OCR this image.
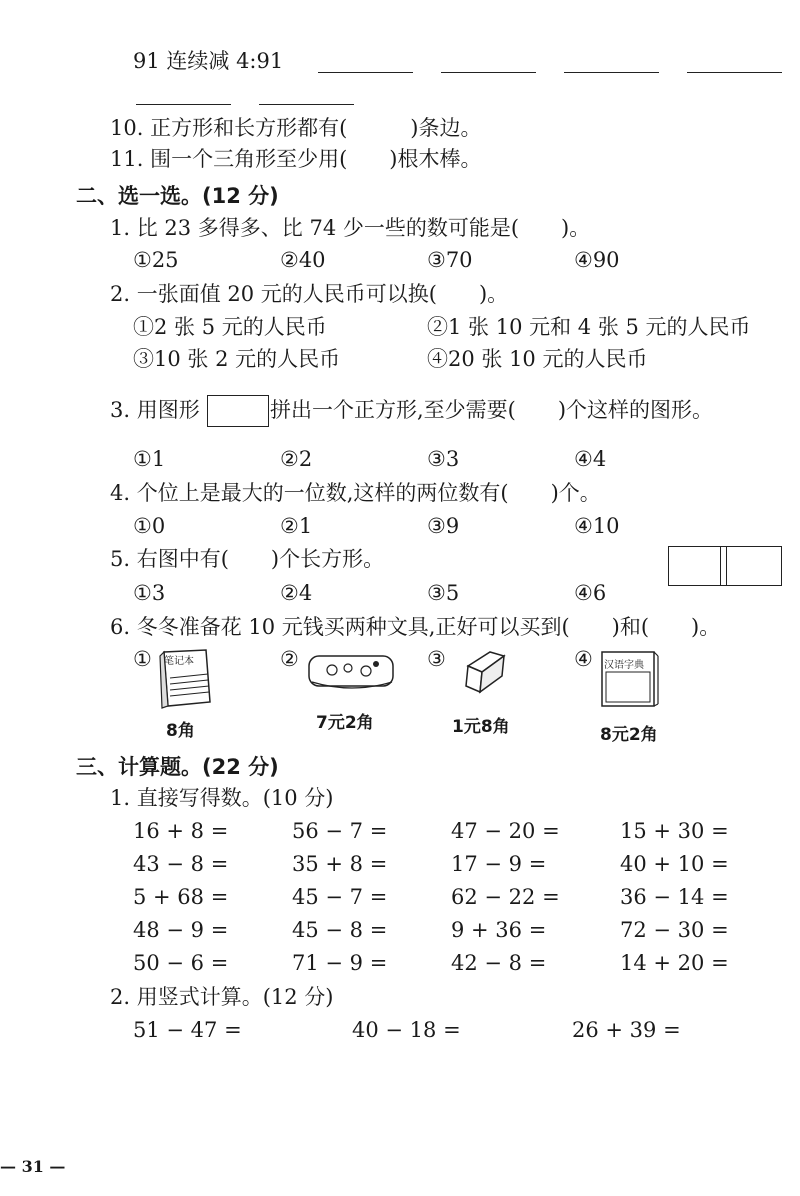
91 连续减 4:91
10. 正方形和长方形都有(　　　)条边。
11. 围一个三角形至少用(　　)根木棒。
二、选一选。(12 分)
1. 比 23 多得多、比 74 少一些的数可能是(　　)。
①25	②40	③70	④90
2. 一张面值 20 元的人民币可以换(　　)。
①2 张 5 元的人民币	②1 张 10 元和 4 张 5 元的人民币
③10 张 2 元的人民币	④20 张 10 元的人民币
3. 用图形	拼出一个正方形,至少需要(　　)个这样的图形。
①1	②2	③3	④4
4. 个位上是最大的一位数,这样的两位数有(　　)个。
①0	②1	③9	④10
5. 右图中有(　　)个长方形。
①3	②4	③5	④6
6. 冬冬准备花 10 元钱买两种文具,正好可以买到(　　)和(　　)。
①	②	③	④
笔记本	汉语字典
8角	7元2角	1元8角	8元2角
三、计算题。(22 分)
1. 直接写得数。(10 分)
16 + 8 =	56 − 7 =	47 − 20 =	15 + 30 =
43 − 8 =	35 + 8 =	17 − 9 =	40 + 10 =
5 + 68 =	45 − 7 =	62 − 22 =	36 − 14 =
48 − 9 =	45 − 8 =	9 + 36 =	72 − 30 =
50 − 6 =	71 − 9 =	42 − 8 =	14 + 20 =
2. 用竖式计算。(12 分)
51 − 47 =	40 − 18 =	26 + 39 =
— 31 —
